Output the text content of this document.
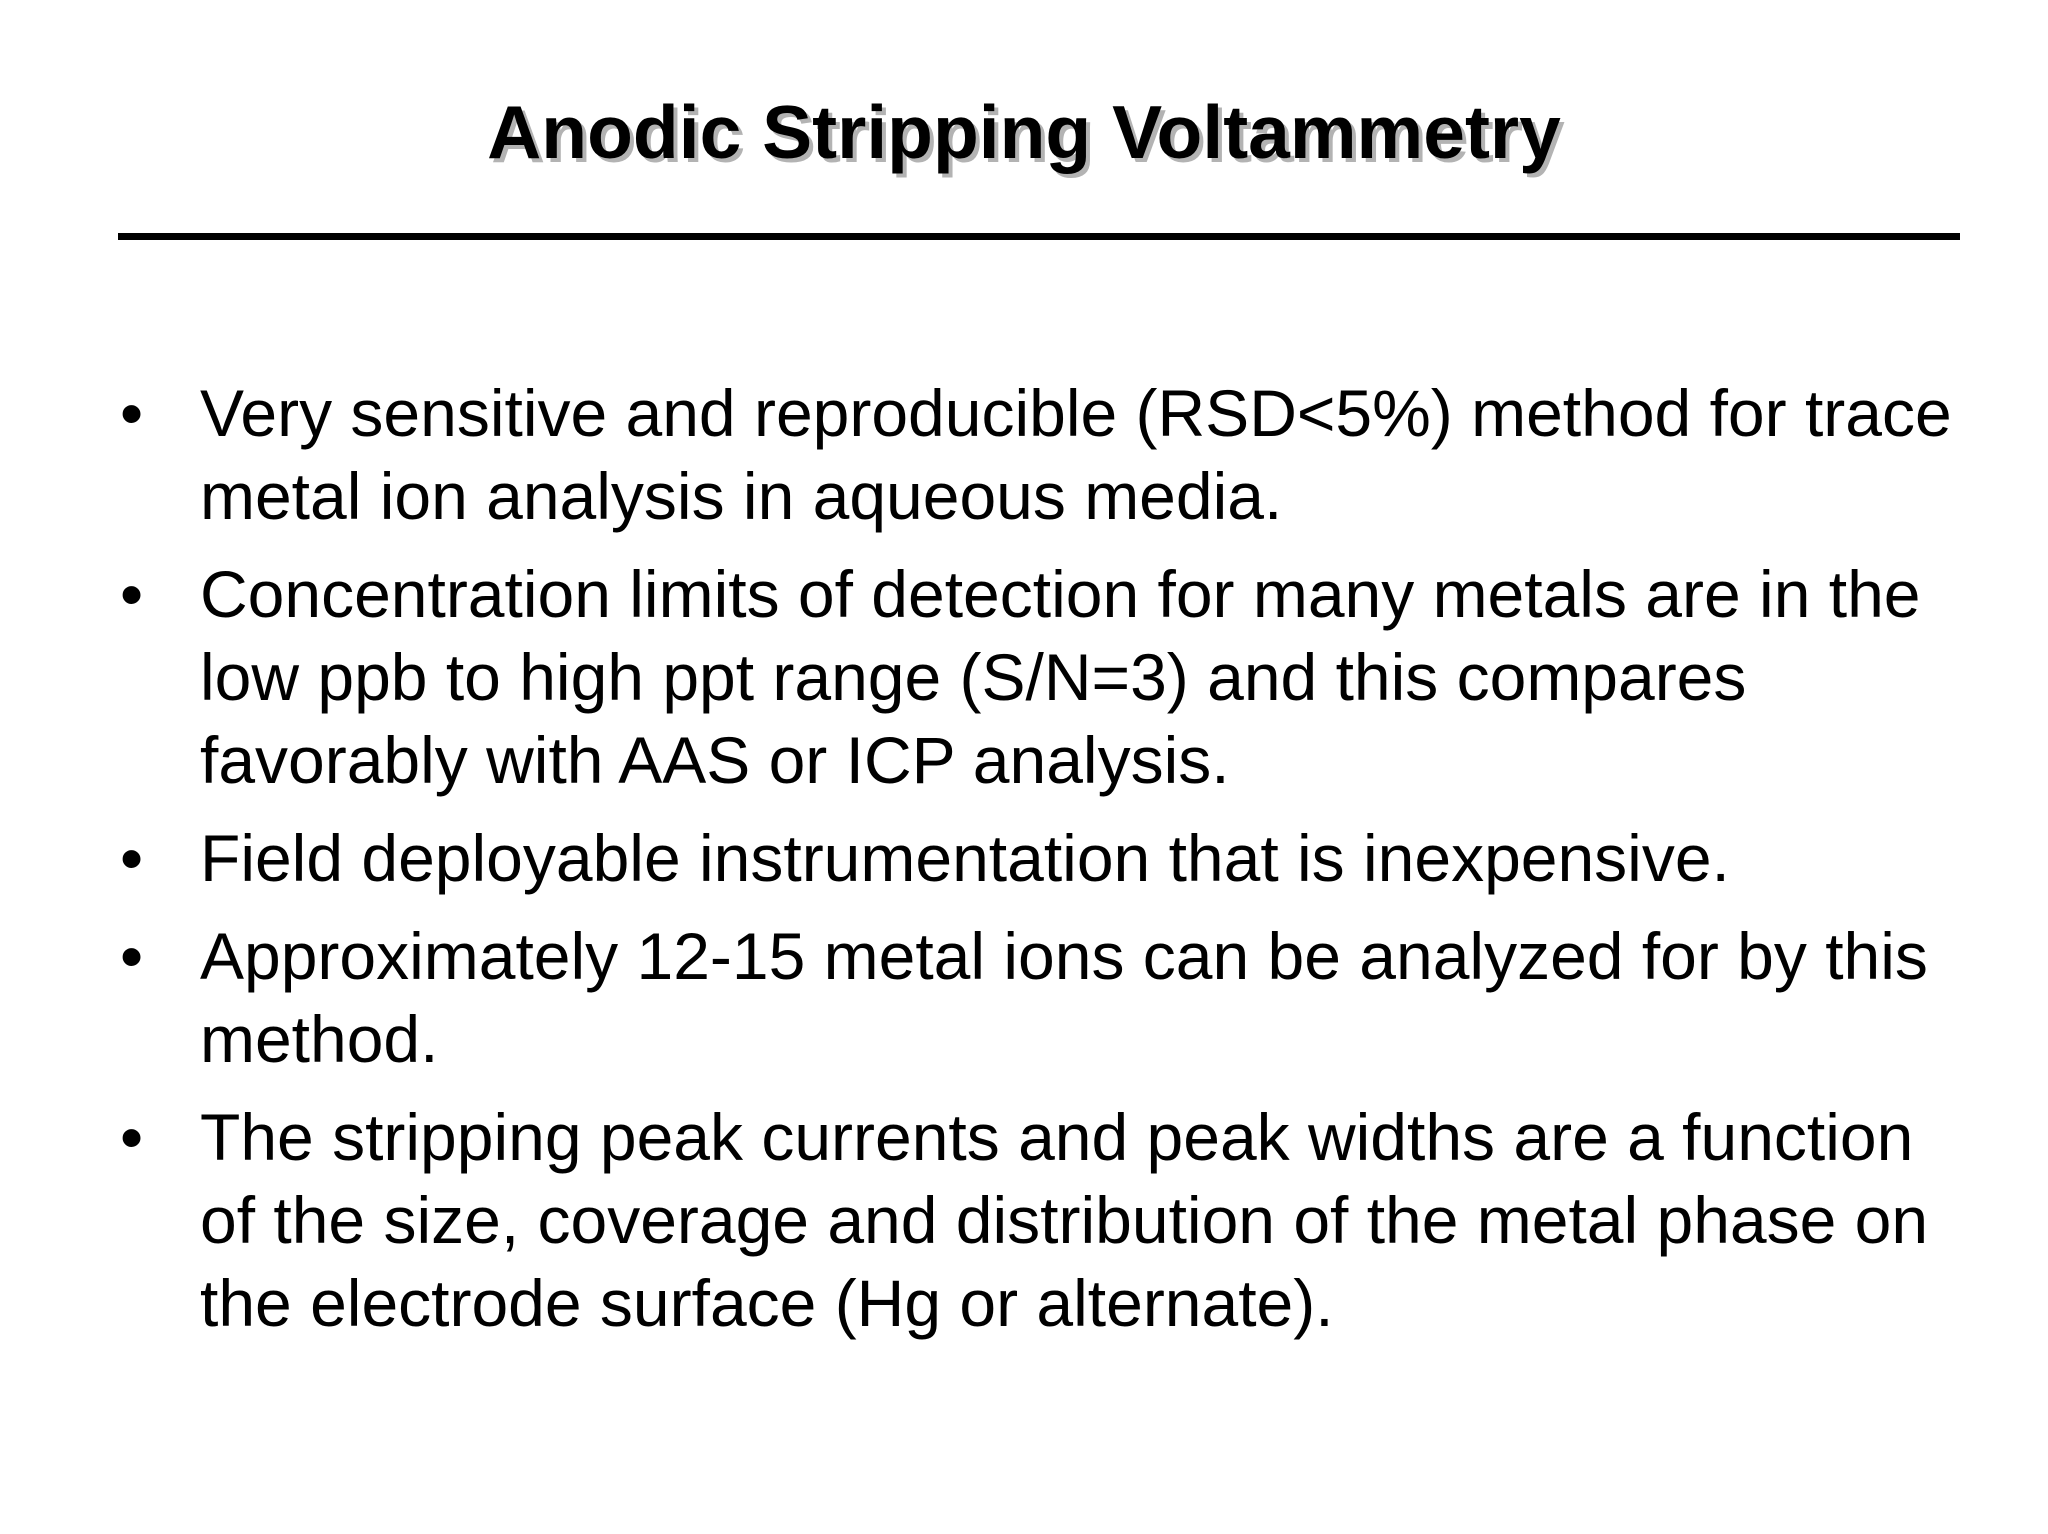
Anodic Stripping Voltammetry
• Very sensitive and reproducible (RSD<5%) method for trace metal ion analysis in aqueous media.
• Concentration limits of detection for many metals are in the low ppb to high ppt range (S/N=3) and this compares favorably with AAS or ICP analysis.
• Field deployable instrumentation that is inexpensive.
• Approximately 12-15 metal ions can be analyzed for by this method.
• The stripping peak currents and peak widths are a function of the size, coverage and distribution of the metal phase on the electrode surface (Hg or alternate).
